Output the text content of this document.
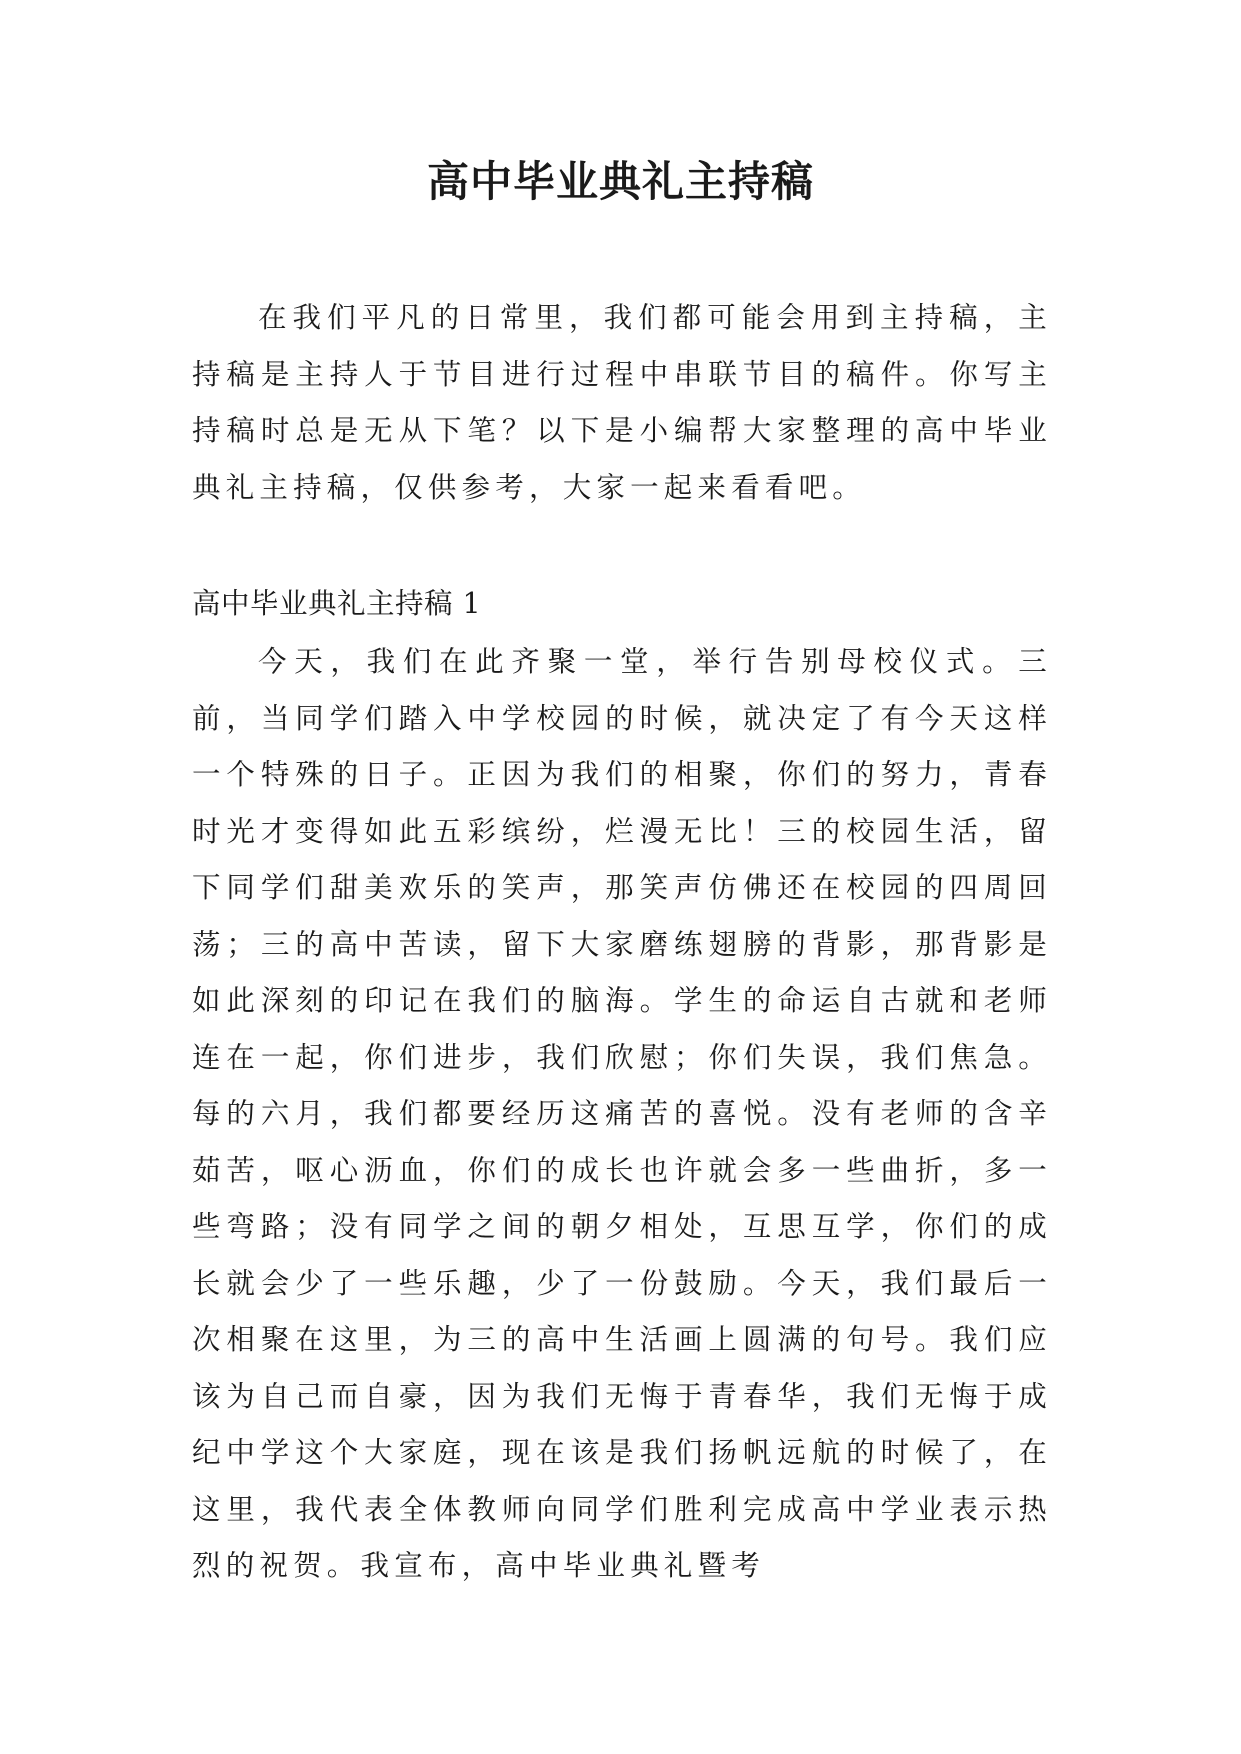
高中毕业典礼主持稿

在我们平凡的日常里，我们都可能会用到主持稿，主持稿是主持人于节目进行过程中串联节目的稿件。你写主持稿时总是无从下笔？以下是小编帮大家整理的高中毕业典礼主持稿，仅供参考，大家一起来看看吧。

高中毕业典礼主持稿 1

今天，我们在此齐聚一堂，举行告别母校仪式。三前，当同学们踏入中学校园的时候，就决定了有今天这样一个特殊的日子。正因为我们的相聚，你们的努力，青春时光才变得如此五彩缤纷，烂漫无比！三的校园生活，留下同学们甜美欢乐的笑声，那笑声仿佛还在校园的四周回荡；三的高中苦读，留下大家磨练翅膀的背影，那背影是如此深刻的印记在我们的脑海。学生的命运自古就和老师连在一起，你们进步，我们欣慰；你们失误，我们焦急。每的六月，我们都要经历这痛苦的喜悦。没有老师的含辛茹苦，呕心沥血，你们的成长也许就会多一些曲折，多一些弯路；没有同学之间的朝夕相处，互思互学，你们的成长就会少了一些乐趣，少了一份鼓励。今天，我们最后一次相聚在这里，为三的高中生活画上圆满的句号。我们应该为自己而自豪，因为我们无悔于青春华，我们无悔于成纪中学这个大家庭，现在该是我们扬帆远航的时候了，在这里，我代表全体教师向同学们胜利完成高中学业表示热烈的祝贺。我宣布，高中毕业典礼暨考
